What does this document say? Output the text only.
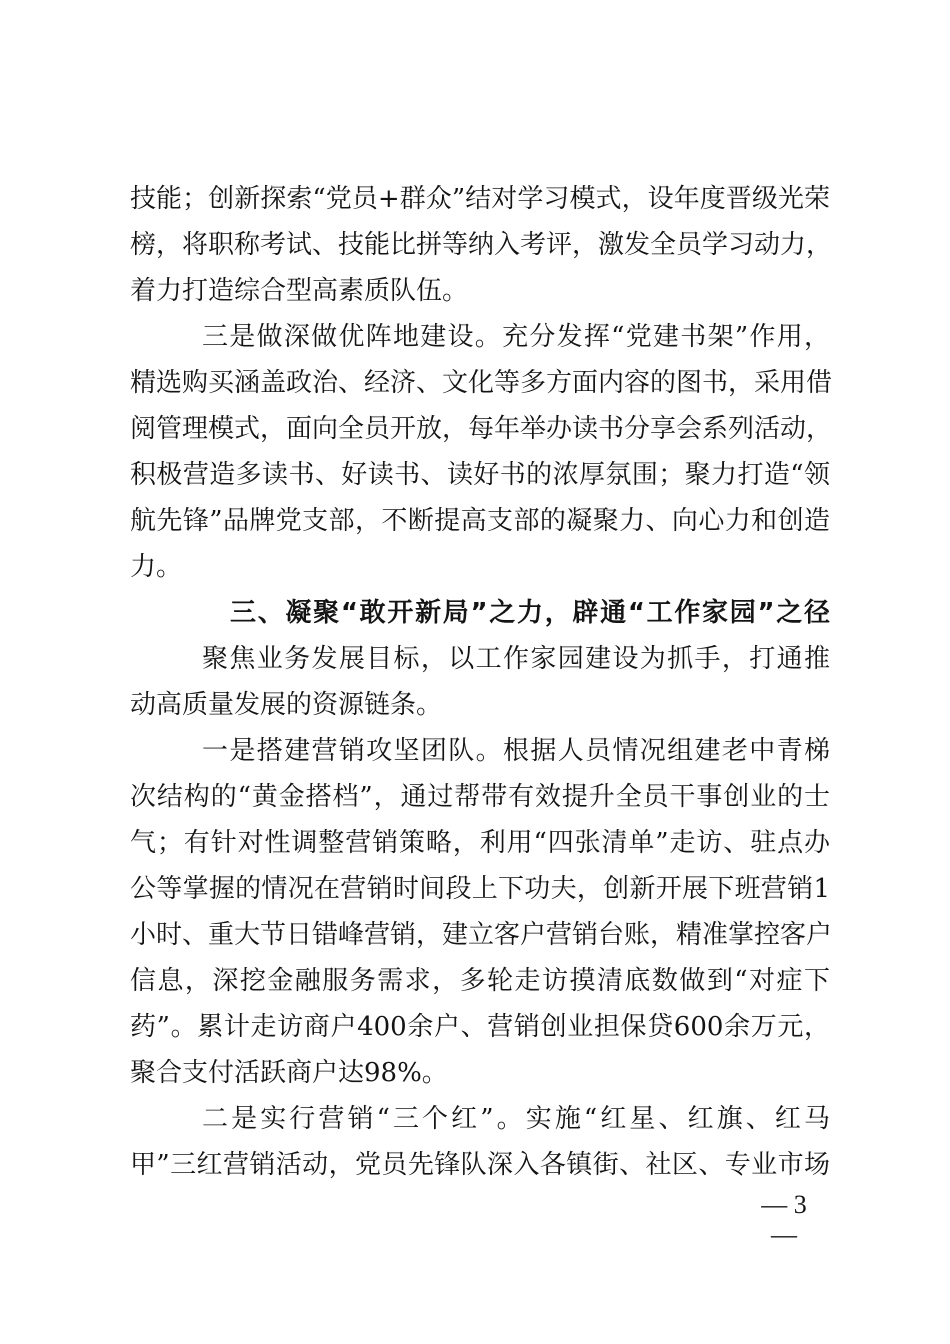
技能；创新探索“党员+群众”结对学习模式，设年度晋级光荣
榜，将职称考试、技能比拼等纳入考评，激发全员学习动力，
着力打造综合型高素质队伍。
三是做深做优阵地建设。充分发挥“党建书架”作用，
精选购买涵盖政治、经济、文化等多方面内容的图书，采用借
阅管理模式，面向全员开放，每年举办读书分享会系列活动，
积极营造多读书、好读书、读好书的浓厚氛围；聚力打造“领
航先锋”品牌党支部，不断提高支部的凝聚力、向心力和创造
力。
三、凝聚“敢开新局”之力，辟通“工作家园”之径
聚焦业务发展目标，以工作家园建设为抓手，打通推
动高质量发展的资源链条。
一是搭建营销攻坚团队。根据人员情况组建老中青梯
次结构的“黄金搭档”，通过帮带有效提升全员干事创业的士
气；有针对性调整营销策略，利用“四张清单”走访、驻点办
公等掌握的情况在营销时间段上下功夫，创新开展下班营销1
小时、重大节日错峰营销，建立客户营销台账，精准掌控客户
信息，深挖金融服务需求，多轮走访摸清底数做到“对症下
药”。累计走访商户400余户、营销创业担保贷600余万元，
聚合支付活跃商户达98%。
二是实行营销“三个红”。实施“红星、红旗、红马
甲”三红营销活动，党员先锋队深入各镇街、社区、专业市场
— 3 —
